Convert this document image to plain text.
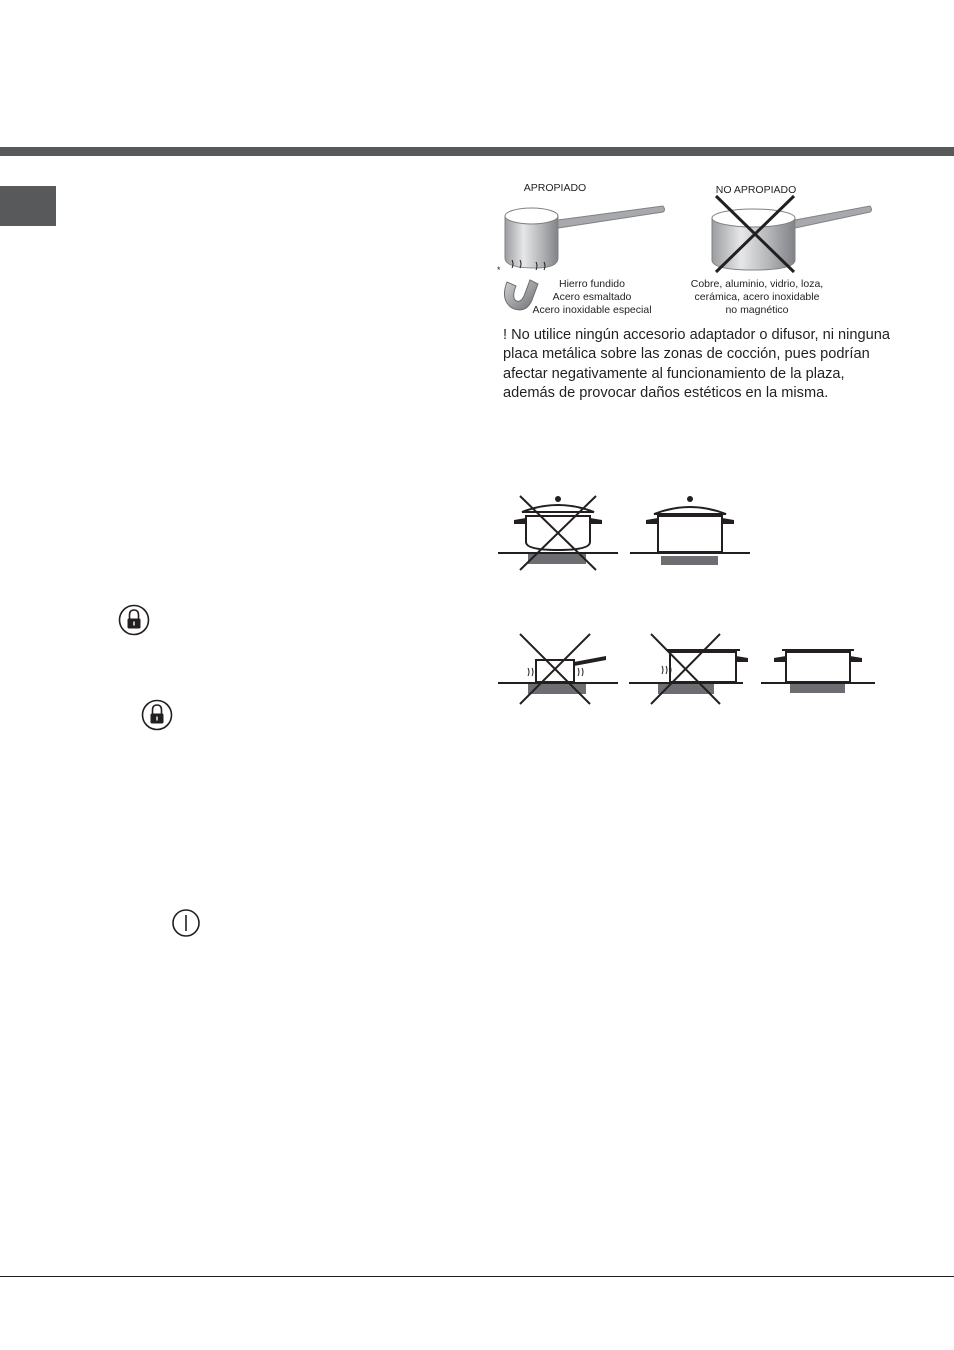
APROPIADO	NO APROPIADO
*
Hierro fundido
Acero esmaltado
Acero inoxidable especial
Cobre, aluminio, vidrio, loza,
cerámica, acero inoxidable
no magnético
! No utilice ningún accesorio adaptador o difusor, ni ninguna placa metálica sobre las zonas de cocción, pues podrían afectar negativamente al funcionamiento de la plaza, además de provocar daños estéticos en la misma.
